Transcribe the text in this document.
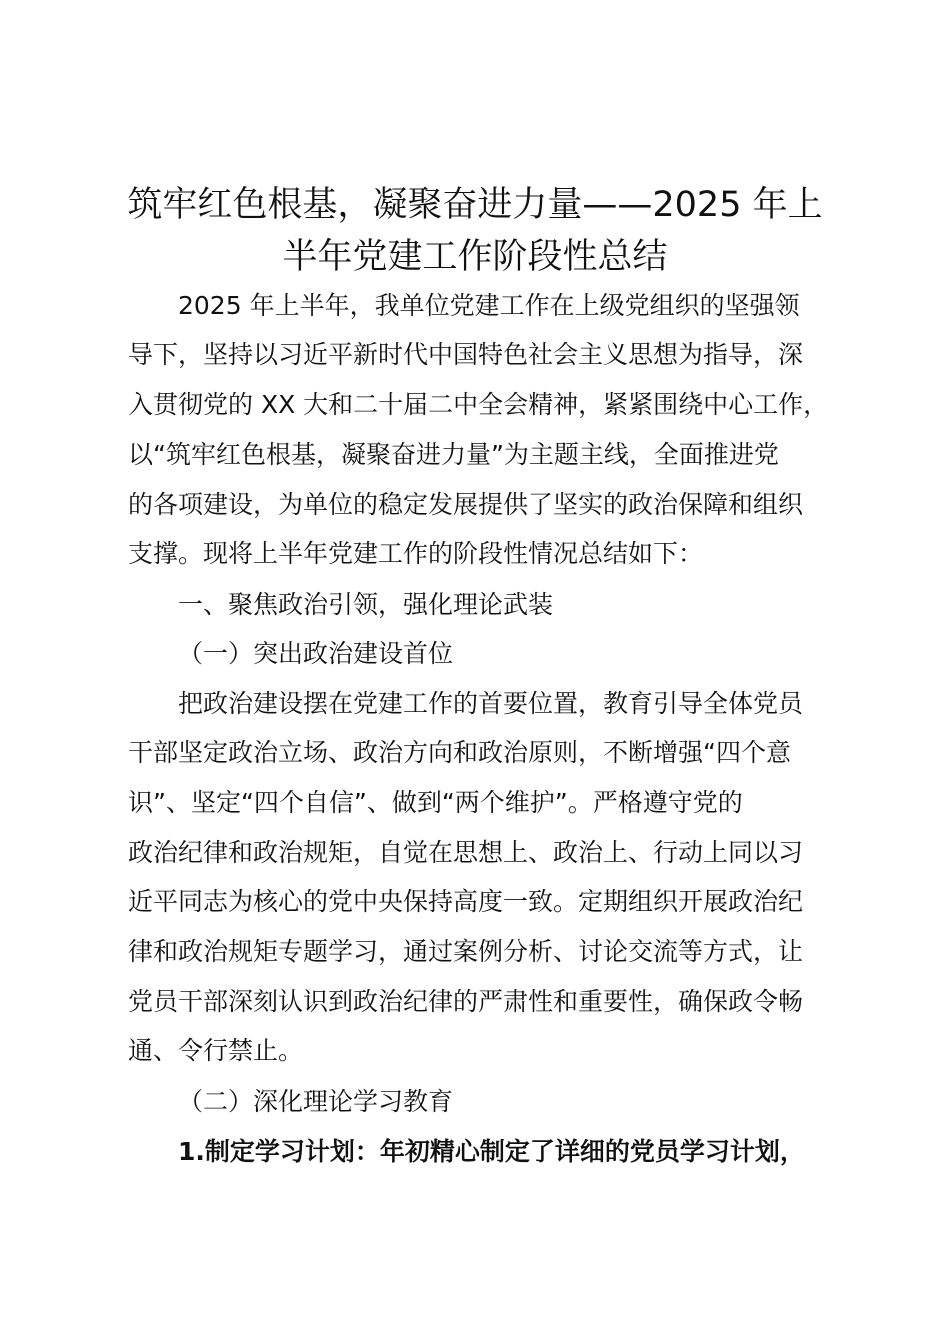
筑牢红色根基，凝聚奋进力量——2025 年上
半年党建工作阶段性总结

2025 年上半年，我单位党建工作在上级党组织的坚强领

导下，坚持以习近平新时代中国特色社会主义思想为指导，深

入贯彻党的 XX 大和二十届二中全会精神，紧紧围绕中心工作，

以“筑牢红色根基，凝聚奋进力量”为主题主线，全面推进党

的各项建设，为单位的稳定发展提供了坚实的政治保障和组织

支撑。现将上半年党建工作的阶段性情况总结如下：

一、聚焦政治引领，强化理论武装

（一）突出政治建设首位

把政治建设摆在党建工作的首要位置，教育引导全体党员

干部坚定政治立场、政治方向和政治原则，不断增强“四个意

识”、坚定“四个自信”、做到“两个维护”。严格遵守党的

政治纪律和政治规矩，自觉在思想上、政治上、行动上同以习

近平同志为核心的党中央保持高度一致。定期组织开展政治纪

律和政治规矩专题学习，通过案例分析、讨论交流等方式，让

党员干部深刻认识到政治纪律的严肃性和重要性，确保政令畅

通、令行禁止。

（二）深化理论学习教育

1.制定学习计划：年初精心制定了详细的党员学习计划，
